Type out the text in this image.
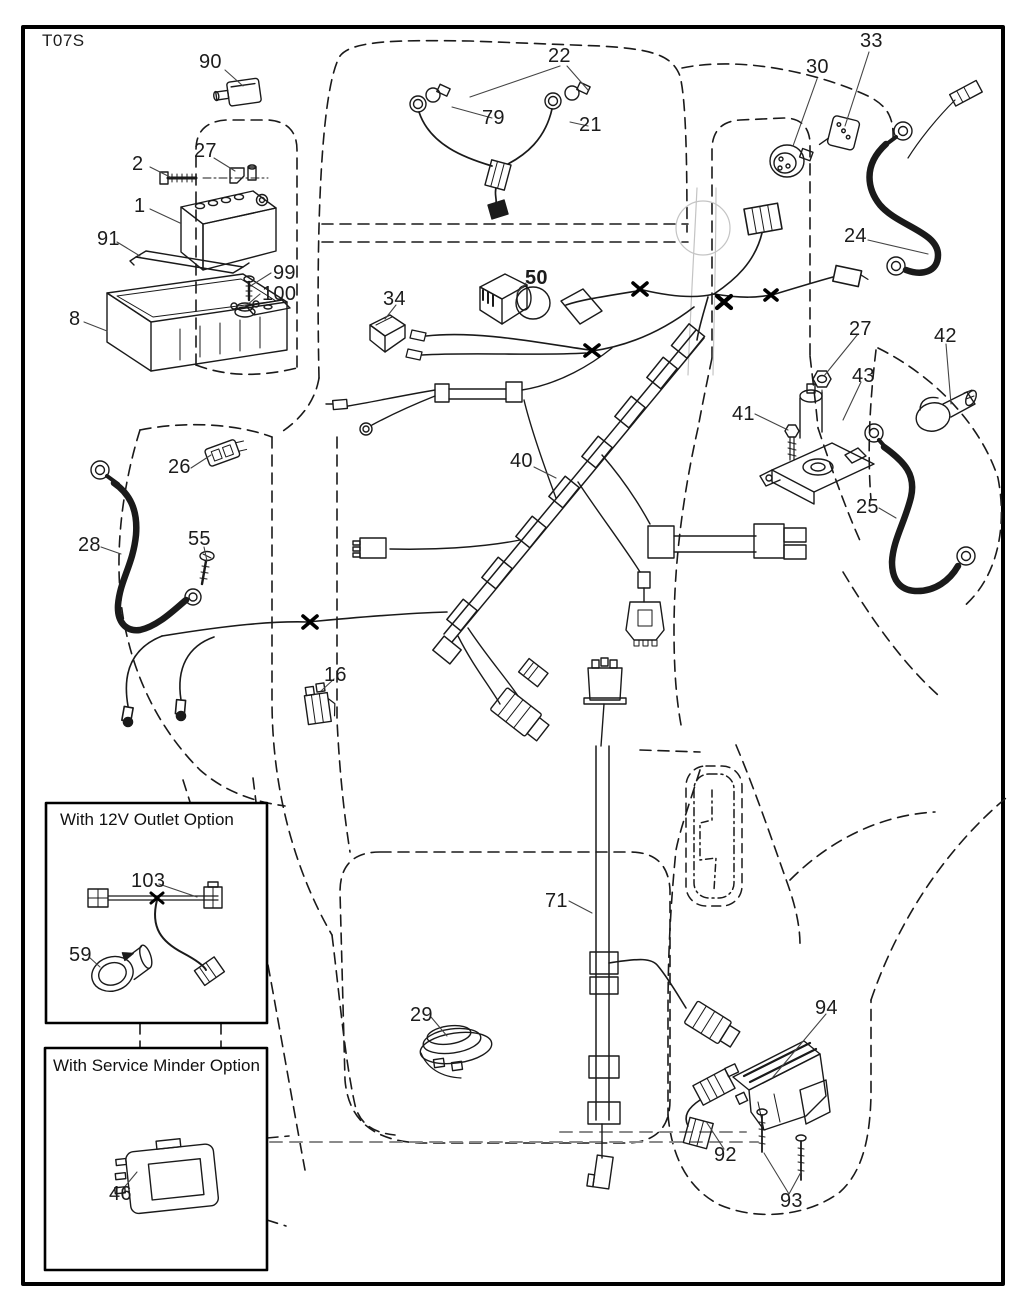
T07S
90	22
33
30
79	21
2
27
1
24
91
99
100
8
34
50
27	42
43
41
26	40
25
28	55
16
71
103
59
29	94
46
92
93
With 12V Outlet Option
With Service Minder Option
